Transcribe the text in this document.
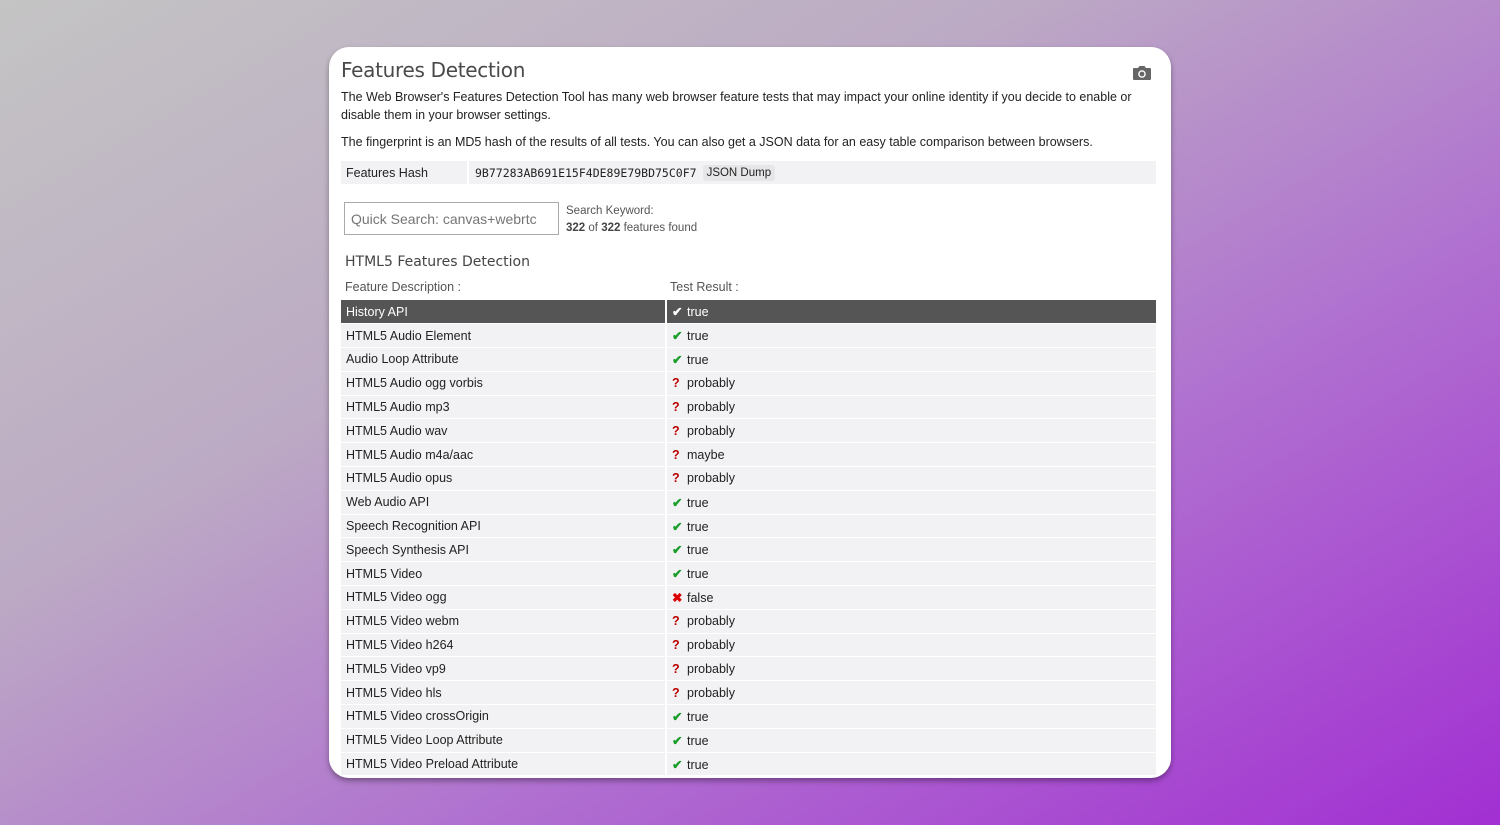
Features Detection

The Web Browser's Features Detection Tool has many web browser feature tests that may impact your online identity if you decide to enable or disable them in your browser settings.

The fingerprint is an MD5 hash of the results of all tests. You can also get a JSON data for an easy table comparison between browsers.

Features Hash	9B77283AB691E15F4DE89E79BD75C0F7 JSON Dump
Quick Search: canvas+webrtc
Search Keyword:
322 of 322 features found
HTML5 Features Detection
Feature Description :	Test Result :
History API	✔ true
HTML5 Audio Element	✔ true
Audio Loop Attribute	✔ true
HTML5 Audio ogg vorbis	? probably
HTML5 Audio mp3	? probably
HTML5 Audio wav	? probably
HTML5 Audio m4a/aac	? maybe
HTML5 Audio opus	? probably
Web Audio API	✔ true
Speech Recognition API	✔ true
Speech Synthesis API	✔ true
HTML5 Video	✔ true
HTML5 Video ogg	✖ false
HTML5 Video webm	? probably
HTML5 Video h264	? probably
HTML5 Video vp9	? probably
HTML5 Video hls	? probably
HTML5 Video crossOrigin	✔ true
HTML5 Video Loop Attribute	✔ true
HTML5 Video Preload Attribute	✔ true
